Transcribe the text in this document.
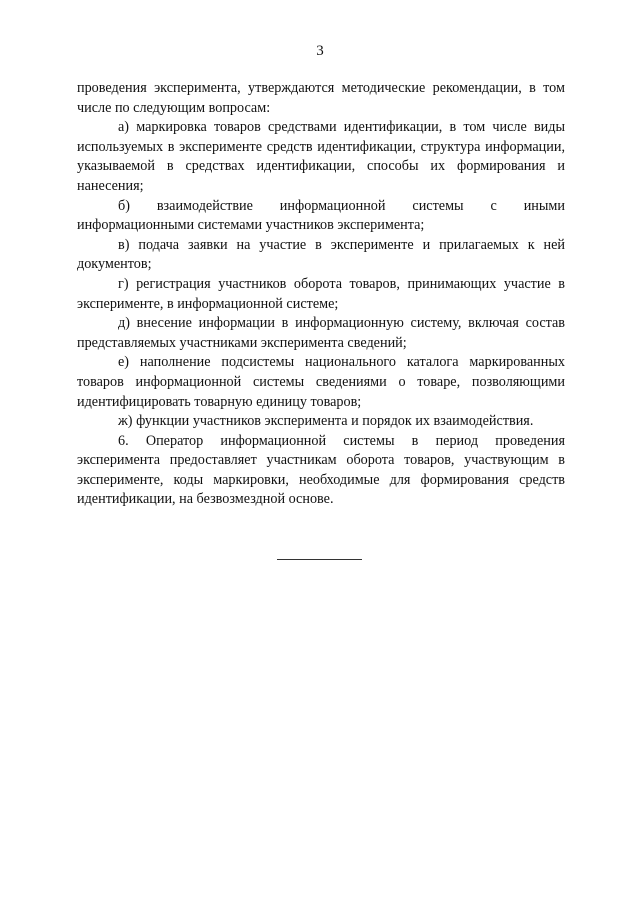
3

проведения эксперимента, утверждаются методические рекомендации, в том числе по следующим вопросам:

а) маркировка товаров средствами идентификации, в том числе виды используемых в эксперименте средств идентификации, структура информации, указываемой в средствах идентификации, способы их формирования и нанесения;

б) взаимодействие информационной системы с иными информационными системами участников эксперимента;

в) подача заявки на участие в эксперименте и прилагаемых к ней документов;

г) регистрация участников оборота товаров, принимающих участие в эксперименте, в информационной системе;

д) внесение информации в информационную систему, включая состав представляемых участниками эксперимента сведений;

е) наполнение подсистемы национального каталога маркированных товаров информационной системы сведениями о товаре, позволяющими идентифицировать товарную единицу товаров;

ж) функции участников эксперимента и порядок их взаимодействия.

6. Оператор информационной системы в период проведения эксперимента предоставляет участникам оборота товаров, участвующим в эксперименте, коды маркировки, необходимые для формирования средств идентификации, на безвозмездной основе.
